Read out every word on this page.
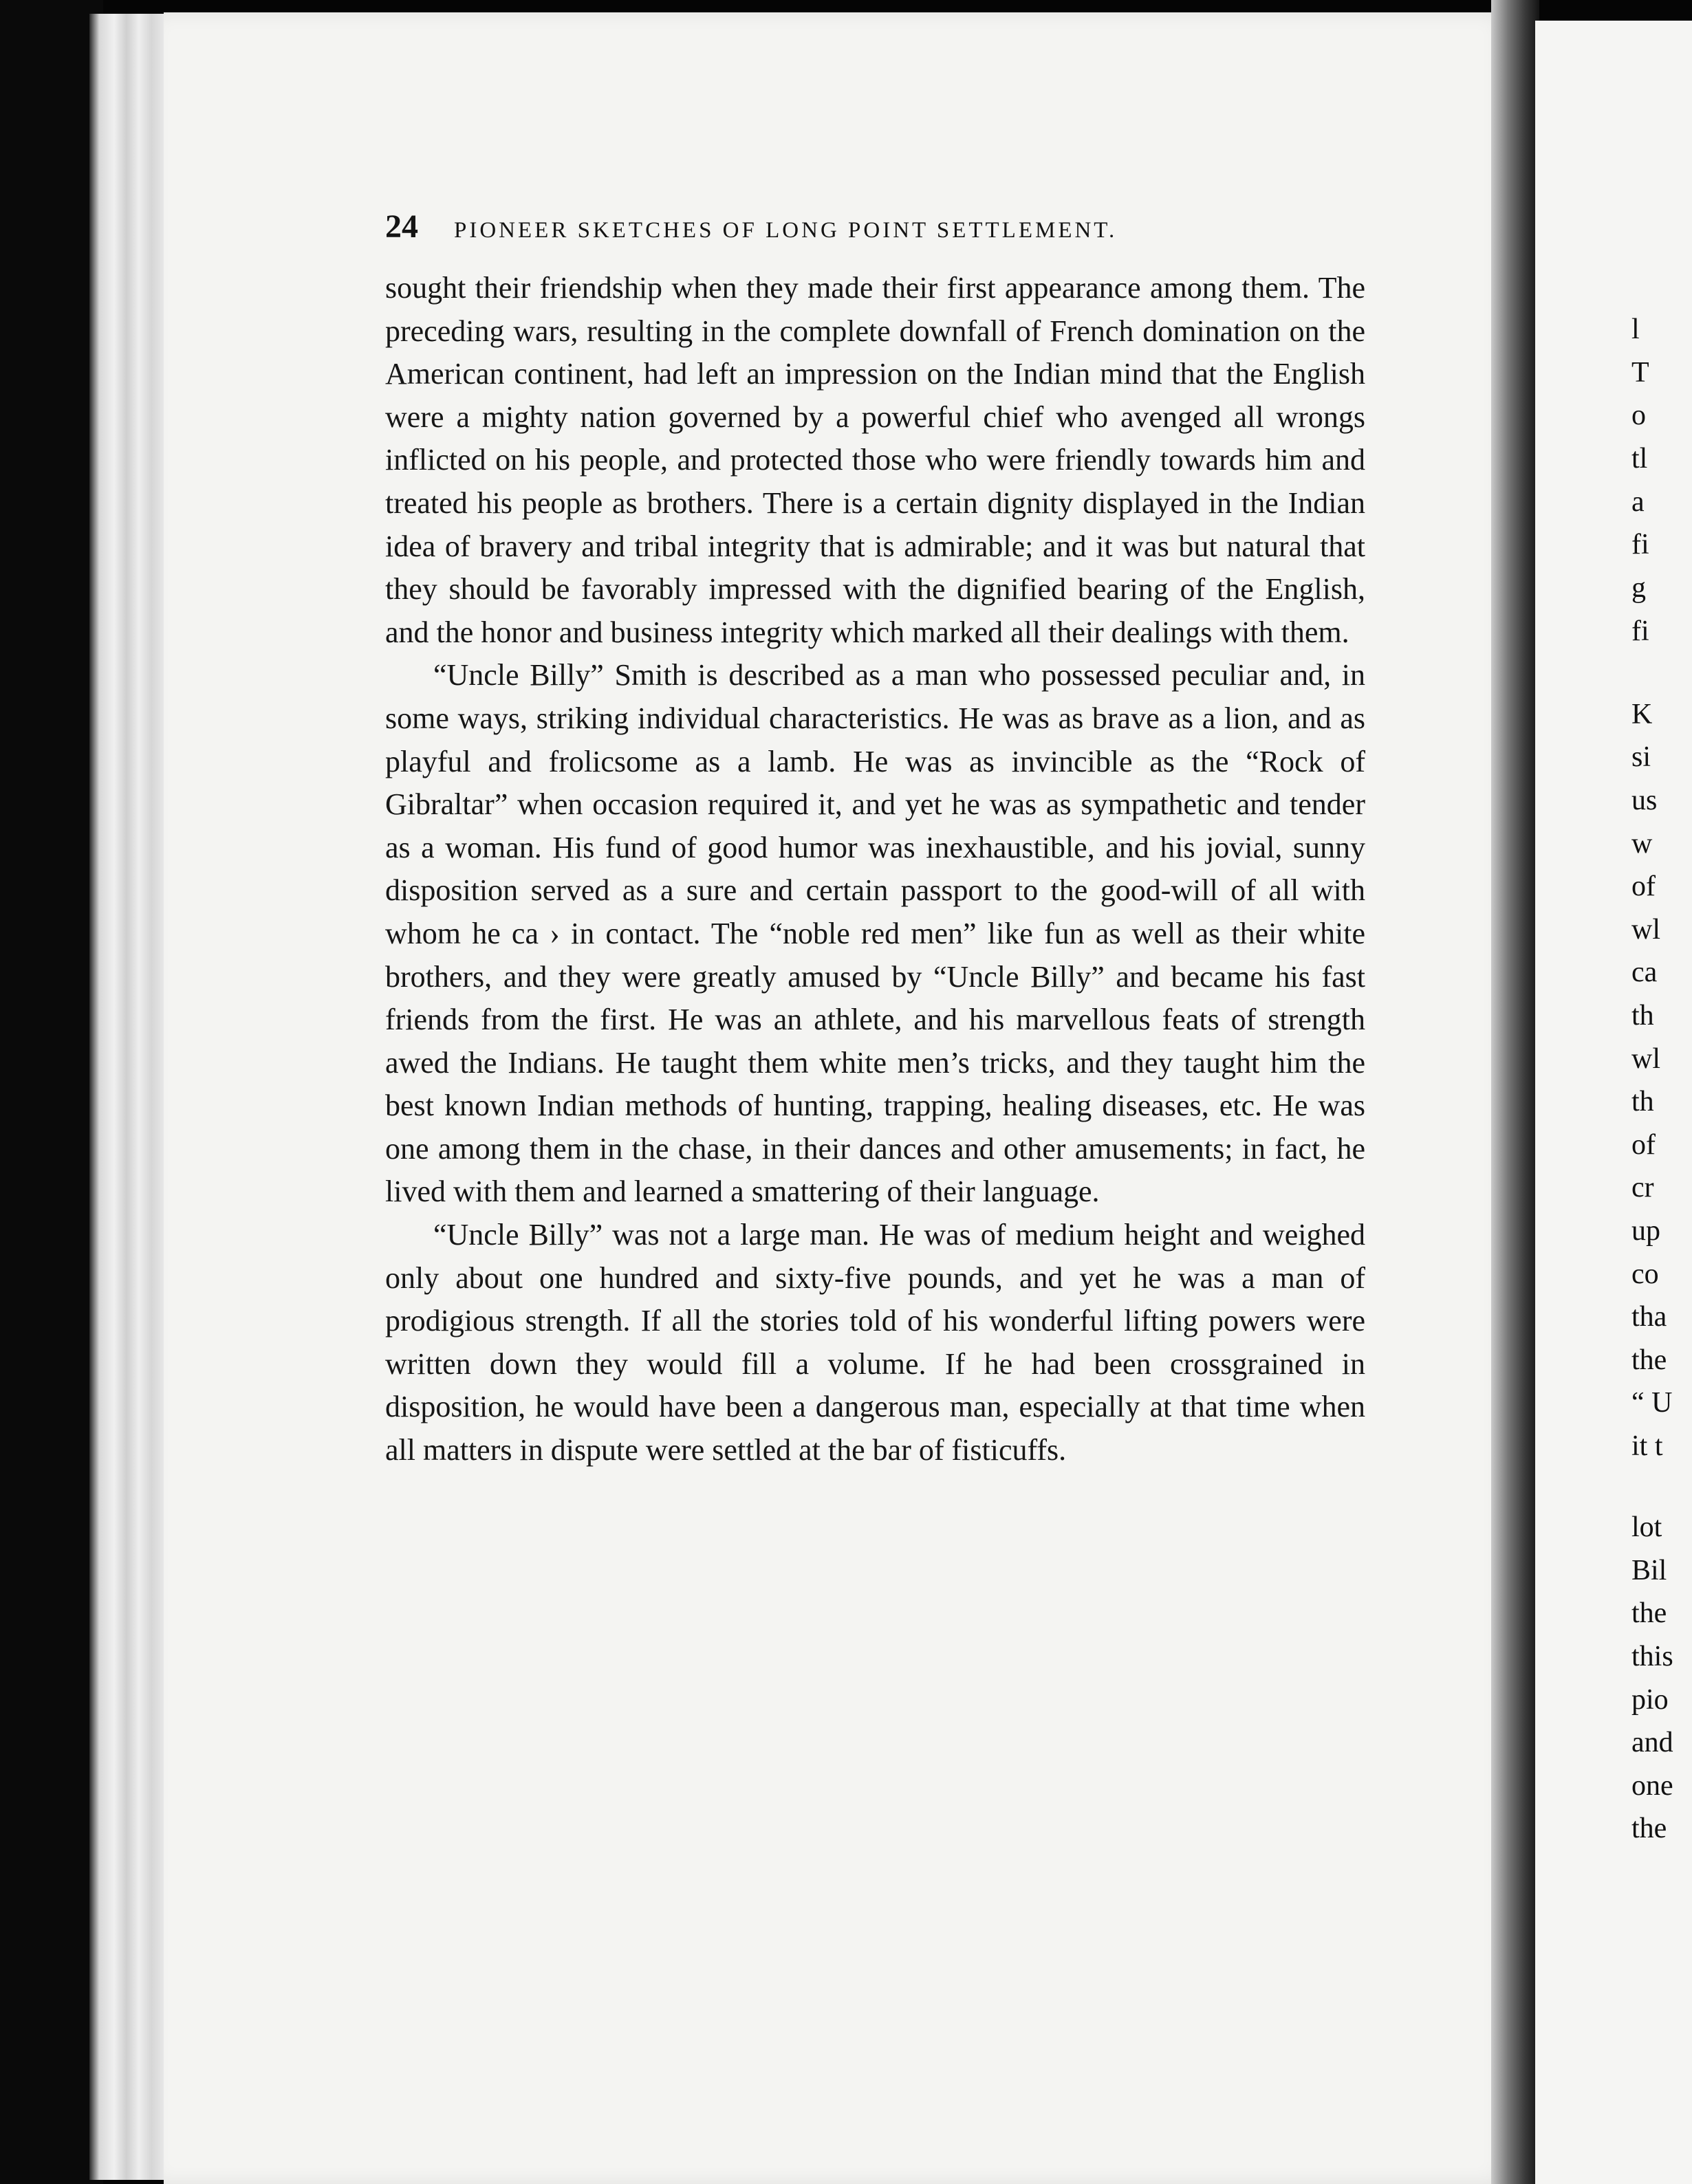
24 PIONEER SKETCHES OF LONG POINT SETTLEMENT.

sought their friendship when they made their first appearance among them. The preceding wars, resulting in the complete downfall of French domination on the American continent, had left an impression on the Indian mind that the English were a mighty nation governed by a powerful chief who avenged all wrongs inflicted on his people, and protected those who were friendly towards him and treated his people as brothers. There is a certain dignity displayed in the Indian idea of bravery and tribal integrity that is admirable; and it was but natural that they should be favorably impressed with the dignified bearing of the English, and the honor and business integrity which marked all their dealings with them.

“Uncle Billy” Smith is described as a man who possessed peculiar and, in some ways, striking individual characteristics. He was as brave as a lion, and as playful and frolicsome as a lamb. He was as invincible as the “Rock of Gibraltar” when occasion required it, and yet he was as sympathetic and tender as a woman. His fund of good humor was inexhaustible, and his jovial, sunny disposition served as a sure and certain passport to the good-will of all with whom he ca › in contact. The “noble red men” like fun as well as their white brothers, and they were greatly amused by “Uncle Billy” and became his fast friends from the first. He was an athlete, and his marvellous feats of strength awed the Indians. He taught them white men’s tricks, and they taught him the best known Indian methods of hunting, trapping, healing diseases, etc. He was one among them in the chase, in their dances and other amusements; in fact, he lived with them and learned a smattering of their language.

“Uncle Billy” was not a large man. He was of medium height and weighed only about one hundred and sixty-five pounds, and yet he was a man of prodigious strength. If all the stories told of his wonderful lifting powers were written down they would fill a volume. If he had been crossgrained in disposition, he would have been a dangerous man, especially at that time when all matters in dispute were settled at the bar of fisticuffs.

l
T
o
tl
a
fi
g
fi
K
si
us
w
of
wl
ca
th
wl
th
of
cr
up
co
tha
the
“ U
it t
lot
Bil
the
this
pio
and
one
the
